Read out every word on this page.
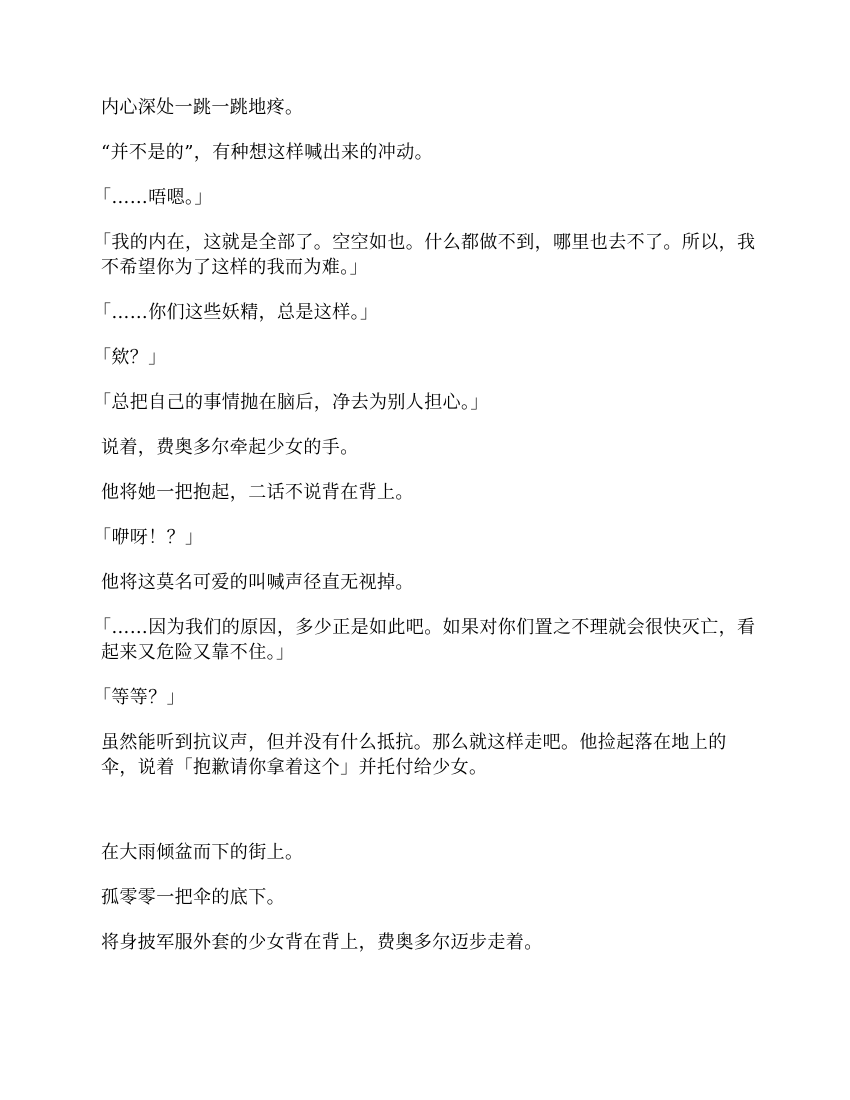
内心深处一跳一跳地疼。

“并不是的”，有种想这样喊出来的冲动。

「……唔嗯。」

「我的内在，这就是全部了。空空如也。什么都做不到，哪里也去不了。所以，我不希望你为了这样的我而为难。」

「……你们这些妖精，总是这样。」

「欸？」

「总把自己的事情抛在脑后，净去为别人担心。」

说着，费奥多尔牵起少女的手。

他将她一把抱起，二话不说背在背上。

「咿呀！？」

他将这莫名可爱的叫喊声径直无视掉。

「……因为我们的原因，多少正是如此吧。如果对你们置之不理就会很快灭亡，看起来又危险又靠不住。」

「等等？」

虽然能听到抗议声，但并没有什么抵抗。那么就这样走吧。他捡起落在地上的伞，说着「抱歉请你拿着这个」并托付给少女。

在大雨倾盆而下的街上。

孤零零一把伞的底下。

将身披军服外套的少女背在背上，费奥多尔迈步走着。
